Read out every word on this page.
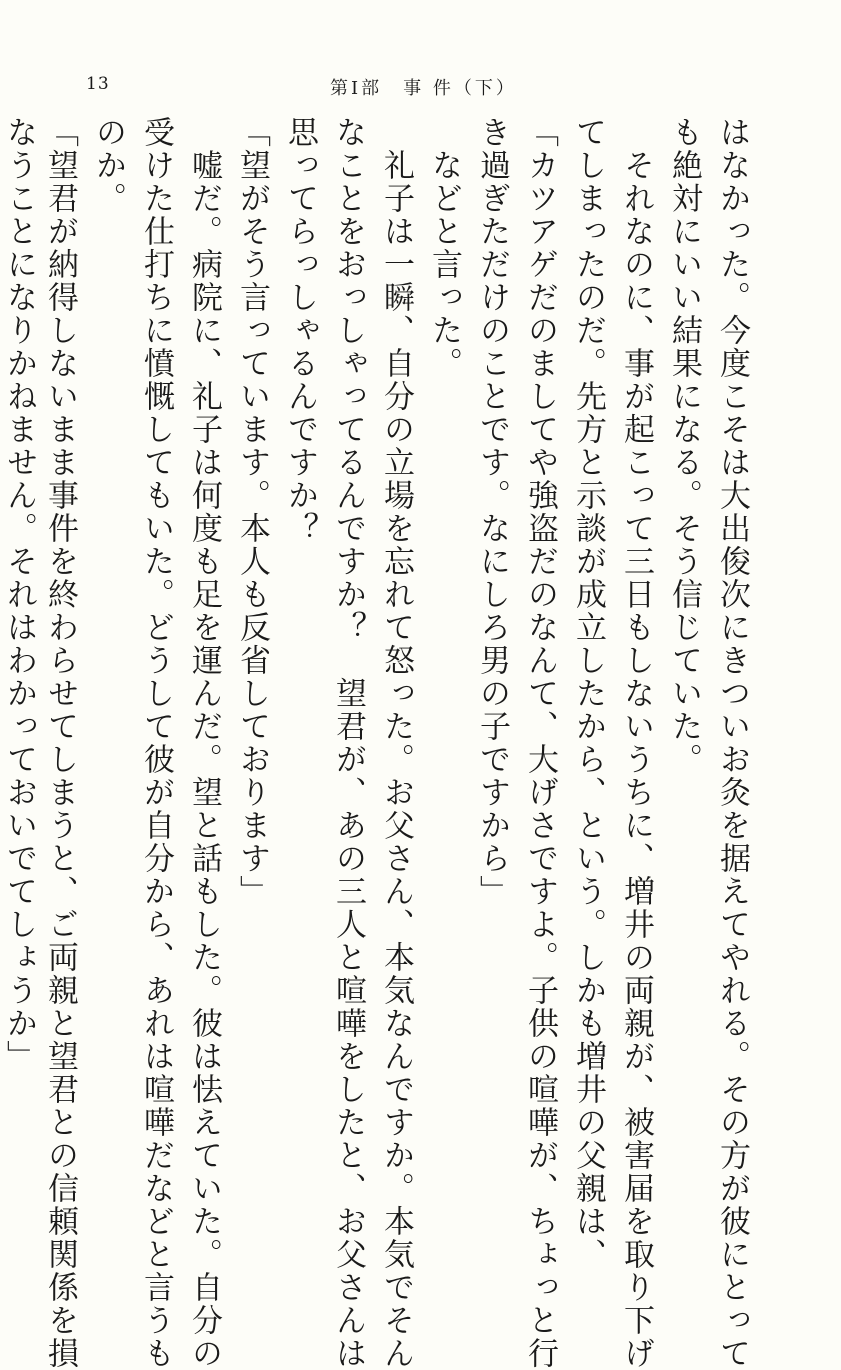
13	第Ⅰ部　事 件（下）
はなかった。今度こそは大出俊次にきついお灸を据えてやれる。その方が彼にとって
も絶対にいい結果になる。そう信じていた。
　それなのに、事が起こって三日もしないうちに、増井の両親が、被害届を取り下げ
てしまったのだ。先方と示談が成立したから、という。しかも増井の父親は、
「カツアゲだのましてや強盗だのなんて、大げさですよ。子供の喧嘩が、ちょっと行
き過ぎただけのことです。なにしろ男の子ですから」
　などと言った。
　礼子は一瞬、自分の立場を忘れて怒った。お父さん、本気なんですか。本気でそん
なことをおっしゃってるんですか？　望君が、あの三人と喧嘩をしたと、お父さんは
思ってらっしゃるんですか？
「望がそう言っています。本人も反省しております」
　嘘だ。病院に、礼子は何度も足を運んだ。望と話もした。彼は怯えていた。自分の
受けた仕打ちに憤慨してもいた。どうして彼が自分から、あれは喧嘩だなどと言うも
のか。
「望君が納得しないまま事件を終わらせてしまうと、ご両親と望君との信頼関係を損
なうことになりかねません。それはわかっておいでてしょうか」
